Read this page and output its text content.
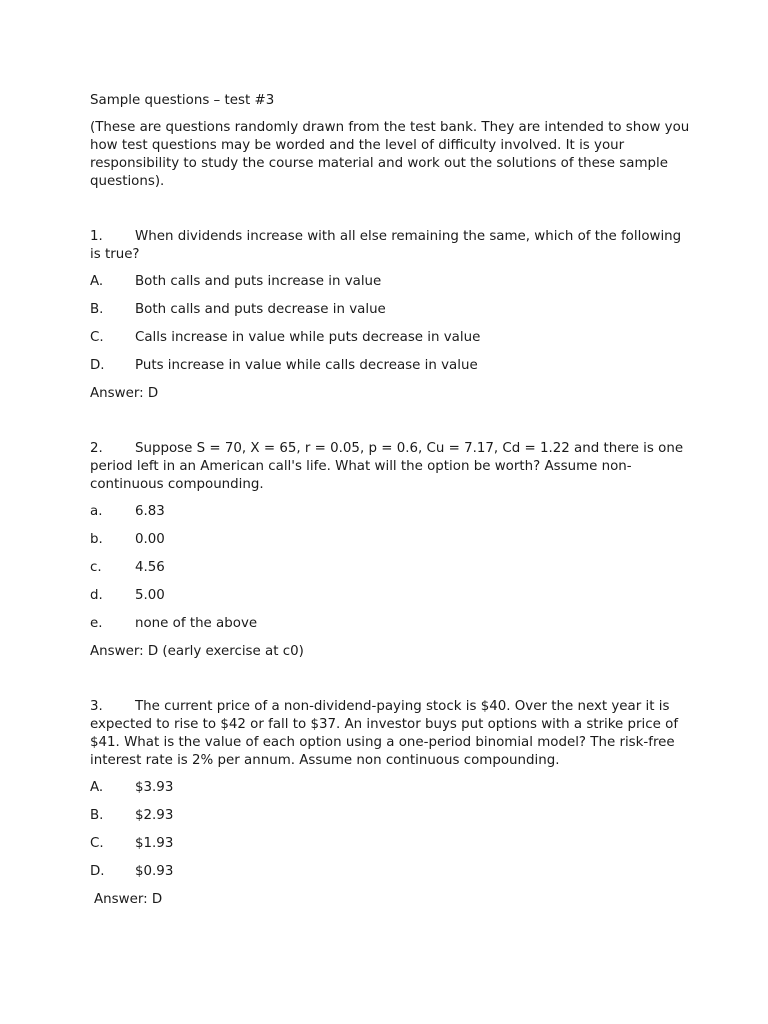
Sample questions – test #3

(These are questions randomly drawn from the test bank. They are intended to show you how test questions may be worded and the level of difficulty involved. It is your responsibility to study the course material and work out the solutions of these sample questions).

1. When dividends increase with all else remaining the same, which of the following is true?

A.	Both calls and puts increase in value
B.	Both calls and puts decrease in value
C.	Calls increase in value while puts decrease in value
D.	Puts increase in value while calls decrease in value

Answer: D

2. Suppose S = 70, X = 65, r = 0.05, p = 0.6, Cu = 7.17, Cd = 1.22 and there is one period left in an American call's life. What will the option be worth? Assume non-continuous compounding.

a.	6.83
b.	0.00
c.	4.56
d.	5.00
e.	none of the above

Answer: D (early exercise at c0)

3. The current price of a non-dividend-paying stock is $40. Over the next year it is expected to rise to $42 or fall to $37. An investor buys put options with a strike price of $41. What is the value of each option using a one-period binomial model? The risk-free interest rate is 2% per annum. Assume non continuous compounding.

A.	$3.93
B.	$2.93
C.	$1.93
D.	$0.93

Answer: D
